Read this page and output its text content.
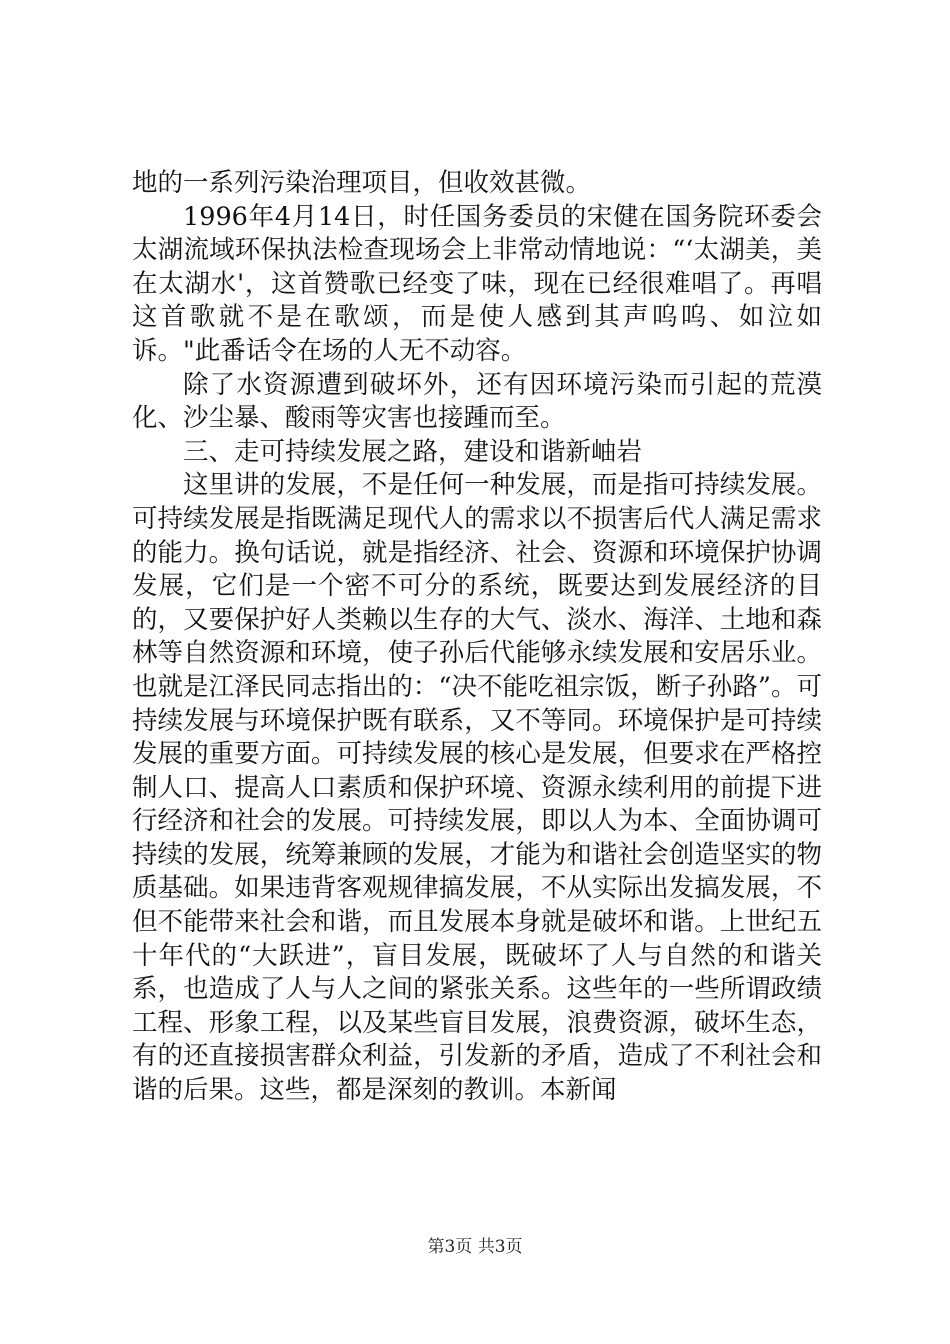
地的一系列污染治理项目，但收效甚微。

1996年4月14日，时任国务委员的宋健在国务院环委会太湖流域环保执法检查现场会上非常动情地说：“‘太湖美，美在太湖水'，这首赞歌已经变了味，现在已经很难唱了。再唱这首歌就不是在歌颂，而是使人感到其声呜呜、如泣如诉。"此番话令在场的人无不动容。

除了水资源遭到破坏外，还有因环境污染而引起的荒漠化、沙尘暴、酸雨等灾害也接踵而至。

三、走可持续发展之路，建设和谐新岫岩

这里讲的发展，不是任何一种发展，而是指可持续发展。可持续发展是指既满足现代人的需求以不损害后代人满足需求的能力。换句话说，就是指经济、社会、资源和环境保护协调发展，它们是一个密不可分的系统，既要达到发展经济的目的，又要保护好人类赖以生存的大气、淡水、海洋、土地和森林等自然资源和环境，使子孙后代能够永续发展和安居乐业。也就是江泽民同志指出的：“决不能吃祖宗饭，断子孙路”。可持续发展与环境保护既有联系，又不等同。环境保护是可持续发展的重要方面。可持续发展的核心是发展，但要求在严格控制人口、提高人口素质和保护环境、资源永续利用的前提下进行经济和社会的发展。可持续发展，即以人为本、全面协调可持续的发展，统筹兼顾的发展，才能为和谐社会创造坚实的物质基础。如果违背客观规律搞发展，不从实际出发搞发展，不但不能带来社会和谐，而且发展本身就是破坏和谐。上世纪五十年代的“大跃进”，盲目发展，既破坏了人与自然的和谐关系，也造成了人与人之间的紧张关系。这些年的一些所谓政绩工程、形象工程，以及某些盲目发展，浪费资源，破坏生态，有的还直接损害群众利益，引发新的矛盾，造成了不利社会和谐的后果。这些，都是深刻的教训。本新闻

第3页 共3页
